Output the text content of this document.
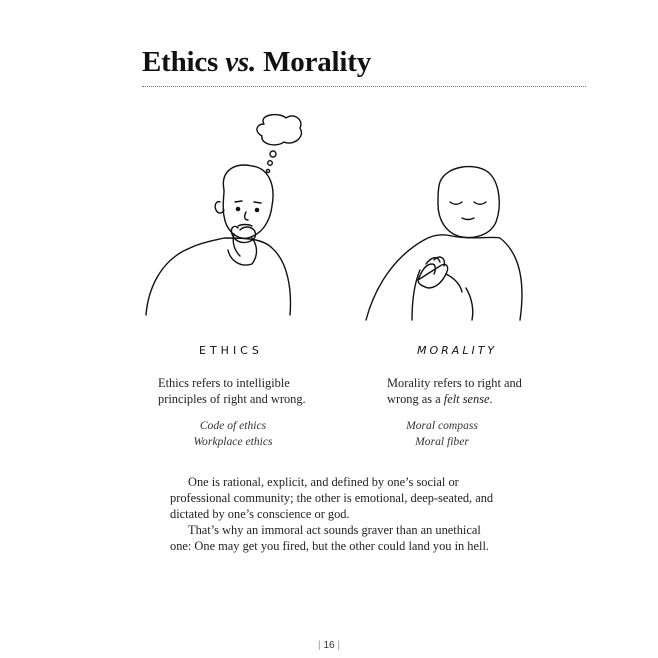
Ethics vs. Morality
ETHICS	MORALITY

Ethics refers to intelligible
principles of right and wrong.

Morality refers to right and
wrong as a felt sense.

Code of ethics
Workplace ethics

Moral compass
Moral fiber

One is rational, explicit, and defined by one’s social or
professional community; the other is emotional, deep-seated, and
dictated by one’s conscience or god.

That’s why an immoral act sounds graver than an unethical
one: One may get you fired, but the other could land you in hell.

| 16 |
